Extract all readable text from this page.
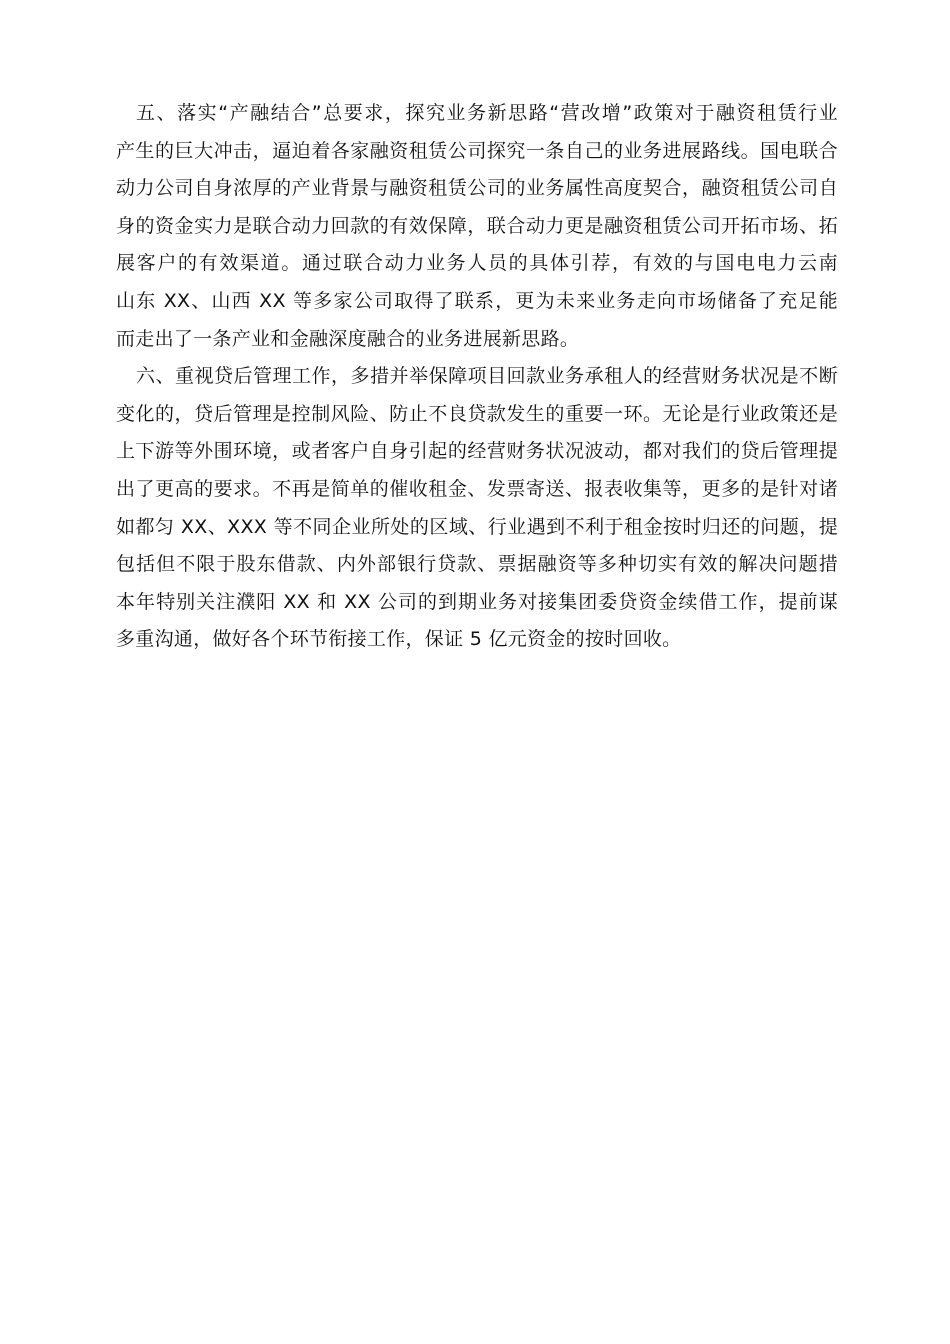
五、落实“产融结合”总要求，探究业务新思路“营改增”政策对于融资租赁行业
产生的巨大冲击，逼迫着各家融资租赁公司探究一条自己的业务进展路线。国电联合
动力公司自身浓厚的产业背景与融资租赁公司的业务属性高度契合，融资租赁公司自
身的资金实力是联合动力回款的有效保障，联合动力更是融资租赁公司开拓市场、拓
展客户的有效渠道。通过联合动力业务人员的具体引荐，有效的与国电电力云南
山东 XX、山西 XX 等多家公司取得了联系，更为未来业务走向市场储备了充足能
而走出了一条产业和金融深度融合的业务进展新思路。
六、重视贷后管理工作，多措并举保障项目回款业务承租人的经营财务状况是不断
变化的，贷后管理是控制风险、防止不良贷款发生的重要一环。无论是行业政策还是
上下游等外围环境，或者客户自身引起的经营财务状况波动，都对我们的贷后管理提
出了更高的要求。不再是简单的催收租金、发票寄送、报表收集等，更多的是针对诸
如都匀 XX、XXX 等不同企业所处的区域、行业遇到不利于租金按时归还的问题，提
包括但不限于股东借款、内外部银行贷款、票据融资等多种切实有效的解决问题措
本年特别关注濮阳 XX 和 XX 公司的到期业务对接集团委贷资金续借工作，提前谋
多重沟通，做好各个环节衔接工作，保证 5 亿元资金的按时回收。
